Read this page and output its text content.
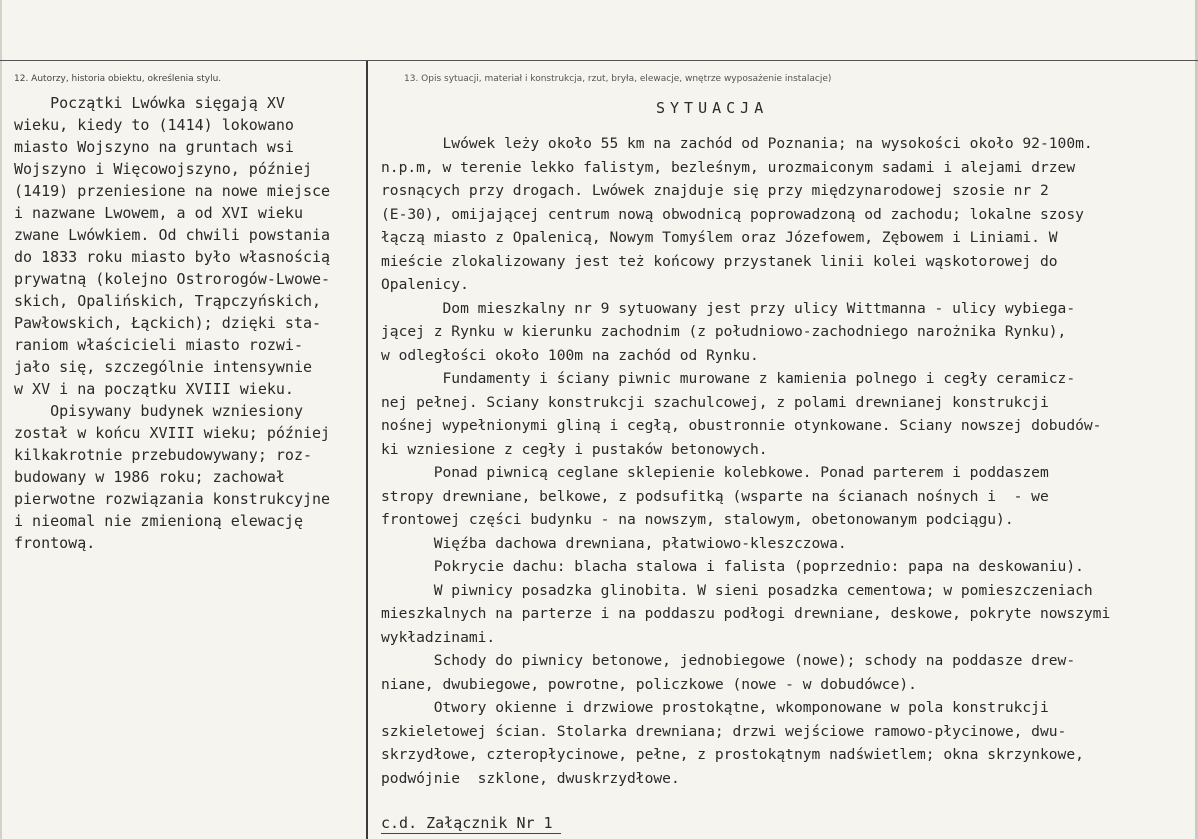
12. Autorzy, historia obiektu, określenia stylu.	13. Opis sytuacji, materiał i konstrukcja, rzut, bryła, elewacje, wnętrze wyposażenie instalacje)
Początki Lwówka sięgają XV
wieku, kiedy to (1414) lokowano
miasto Wojszyno na gruntach wsi
Wojszyno i Więcowojszyno, później
(1419) przeniesione na nowe miejsce
i nazwane Lwowem, a od XVI wieku
zwane Lwówkiem. Od chwili powstania
do 1833 roku miasto było własnością
prywatną (kolejno Ostrorogów-Lwowe-
skich, Opalińskich, Trąpczyńskich,
Pawłowskich, Łąckich); dzięki sta-
raniom właścicieli miasto rozwi-
jało się, szczególnie intensywnie
w XV i na początku XVIII wieku.
Opisywany budynek wzniesiony
został w końcu XVIII wieku; później
kilkakrotnie przebudowywany; roz-
budowany w 1986 roku; zachował
pierwotne rozwiązania konstrukcyjne
i nieomal nie zmienioną elewację
frontową.
SYTUACJA
Lwówek leży około 55 km na zachód od Poznania; na wysokości około 92-100m.
n.p.m, w terenie lekko falistym, bezleśnym, urozmaiconym sadami i alejami drzew
rosnących przy drogach. Lwówek znajduje się przy międzynarodowej szosie nr 2
(E-30), omijającej centrum nową obwodnicą poprowadzoną od zachodu; lokalne szosy
łączą miasto z Opalenicą, Nowym Tomyślem oraz Józefowem, Zębowem i Liniami. W
mieście zlokalizowany jest też końcowy przystanek linii kolei wąskotorowej do
Opalenicy.
Dom mieszkalny nr 9 sytuowany jest przy ulicy Wittmanna - ulicy wybiega-
jącej z Rynku w kierunku zachodnim (z południowo-zachodniego narożnika Rynku),
w odległości około 100m na zachód od Rynku.
Fundamenty i ściany piwnic murowane z kamienia polnego i cegły ceramicz-
nej pełnej. Sciany konstrukcji szachulcowej, z polami drewnianej konstrukcji
nośnej wypełnionymi gliną i cegłą, obustronnie otynkowane. Sciany nowszej dobudów-
ki wzniesione z cegły i pustaków betonowych.
Ponad piwnicą ceglane sklepienie kolebkowe. Ponad parterem i poddaszem
stropy drewniane, belkowe, z podsufitką (wsparte na ścianach nośnych i  - we
frontowej części budynku - na nowszym, stalowym, obetonowanym podciągu).
Więźba dachowa drewniana, płatwiowo-kleszczowa.
Pokrycie dachu: blacha stalowa i falista (poprzednio: papa na deskowaniu).
W piwnicy posadzka glinobita. W sieni posadzka cementowa; w pomieszczeniach
mieszkalnych na parterze i na poddaszu podłogi drewniane, deskowe, pokryte nowszymi
wykładzinami.
Schody do piwnicy betonowe, jednobiegowe (nowe); schody na poddasze drew-
niane, dwubiegowe, powrotne, policzkowe (nowe - w dobudówce).
Otwory okienne i drzwiowe prostokątne, wkomponowane w pola konstrukcji
szkieletowej ścian. Stolarka drewniana; drzwi wejściowe ramowo-płycinowe, dwu-
skrzydłowe, czteropłycinowe, pełne, z prostokątnym nadświetlem; okna skrzynkowe,
podwójnie  szklone, dwuskrzydłowe.
c.d. Załącznik Nr 1
